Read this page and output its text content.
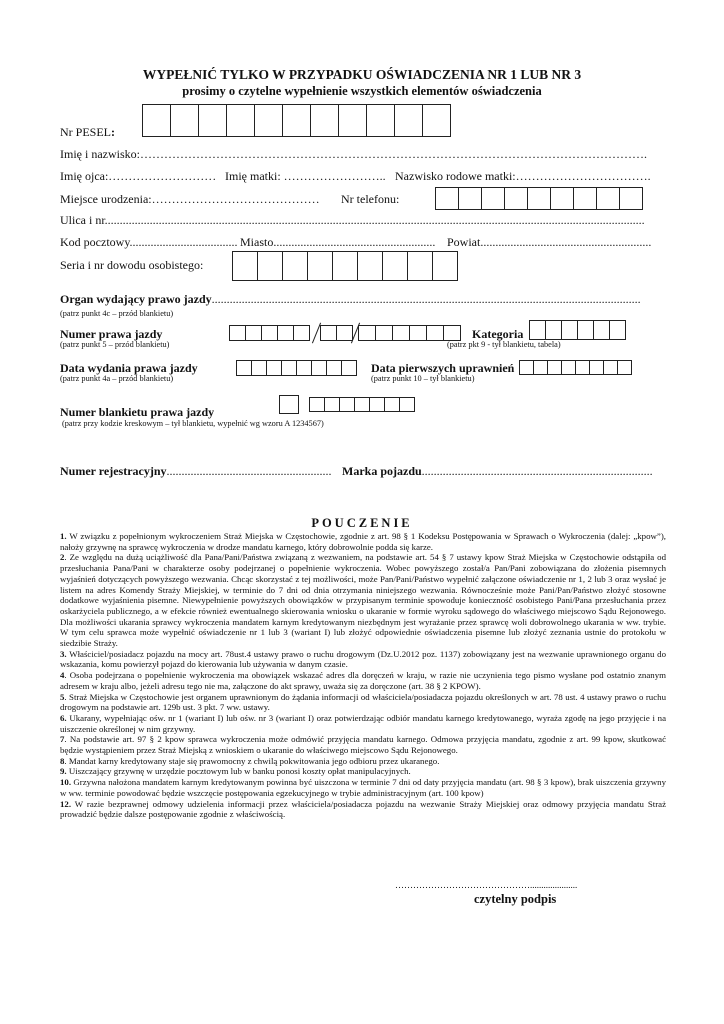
WYPEŁNIĆ TYLKO W PRZYPADKU OŚWIADCZENIA NR 1 LUB NR 3
prosimy o czytelne wypełnienie wszystkich elementów oświadczenia
Nr PESEL:
Imię i nazwisko:……………………………………………………………………………………………………………….
Imię ojca:……………………… Imię matki: …………………….. Nazwisko rodowe matki:…………………………….
Miejsce urodzenia:…………………………………… Nr telefonu:
Ulica i nr....................................................................................................................................................................................
Kod pocztowy.................................... Miasto...................................................... Powiat.........................................................
Seria i nr dowodu osobistego:
Organ wydający prawo jazdy...............................................................................................................................................
(patrz punkt 4c – przód blankietu)
Numer prawa jazdy
(patrz punkt 5 – przód blankietu)
Kategoria
(patrz pkt 9 - tył blankietu, tabela)
Data wydania prawa jazdy
(patrz punkt 4a – przód blankietu)
Data pierwszych uprawnień
(patrz punkt 10 – tył blankietu)
Numer blankietu prawa jazdy
(patrz przy kodzie kreskowym – tył blankietu, wypełnić wg wzoru A 1234567)
Numer rejestracyjny....................................................... Marka pojazdu.............................................................................
POUCZENIE

1. W związku z popełnionym wykroczeniem Straż Miejska w Częstochowie, zgodnie z art. 98 § 1 Kodeksu Postępowania w Sprawach o Wykroczenia (dalej: „kpow”), nałoży grzywnę na sprawcę wykroczenia w drodze mandatu karnego, który dobrowolnie podda się karze.

2. Ze względu na dużą uciążliwość dla Pana/Pani/Państwa związaną z wezwaniem, na podstawie art. 54 § 7 ustawy kpow Straż Miejska w Częstochowie odstąpiła od przesłuchania Pana/Pani w charakterze osoby podejrzanej o popełnienie wykroczenia. Wobec powyższego został/a Pan/Pani zobowiązana do złożenia pisemnych wyjaśnień dotyczących powyższego wezwania. Chcąc skorzystać z tej możliwości, może Pan/Pani/Państwo wypełnić załączone oświadczenie nr 1, 2 lub 3 oraz wysłać je listem na adres Komendy Straży Miejskiej, w terminie do 7 dni od dnia otrzymania niniejszego wezwania. Równocześnie może Pani/Pan/Państwo złożyć stosowne dodatkowe wyjaśnienia pisemne. Niewypełnienie powyższych obowiązków w przypisanym terminie spowoduje konieczność osobistego Pani/Pana przesłuchania przez oskarżyciela publicznego, a w efekcie również ewentualnego skierowania wniosku o ukaranie w formie wyroku sądowego do właściwego miejscowo Sądu Rejonowego. Dla możliwości ukarania sprawcy wykroczenia mandatem karnym kredytowanym niezbędnym jest wyrażanie przez sprawcę woli dobrowolnego ukarania w ww. trybie. W tym celu sprawca może wypełnić oświadczenie nr 1 lub 3 (wariant I) lub złożyć odpowiednie oświadczenia pisemne lub złożyć zeznania ustnie do protokołu w siedzibie Straży.

3. Właściciel/posiadacz pojazdu na mocy art. 78ust.4 ustawy prawo o ruchu drogowym (Dz.U.2012 poz. 1137) zobowiązany jest na wezwanie uprawnionego organu do wskazania, komu powierzył pojazd do kierowania lub używania w danym czasie.

4. Osoba podejrzana o popełnienie wykroczenia ma obowiązek wskazać adres dla doręczeń w kraju, w razie nie uczynienia tego pismo wysłane pod ostatnio znanym adresem w kraju albo, jeżeli adresu tego nie ma, załączone do akt sprawy, uważa się za doręczone (art. 38 § 2 KPOW).

5. Straż Miejska w Częstochowie jest organem uprawnionym do żądania informacji od właściciela/posiadacza pojazdu określonych w art. 78 ust. 4 ustawy prawo o ruchu drogowym na podstawie art. 129b ust. 3 pkt. 7 ww. ustawy.

6. Ukarany, wypełniając ośw. nr 1 (wariant I) lub ośw. nr 3 (wariant I) oraz potwierdzając odbiór mandatu karnego kredytowanego, wyraża zgodę na jego przyjęcie i na uiszczenie określonej w nim grzywny.

7. Na podstawie art. 97 § 2 kpow sprawca wykroczenia może odmówić przyjęcia mandatu karnego. Odmowa przyjęcia mandatu, zgodnie z art. 99 kpow, skutkować będzie wystąpieniem przez Straż Miejską z wnioskiem o ukaranie do właściwego miejscowo Sądu Rejonowego.

8. Mandat karny kredytowany staje się prawomocny z chwilą pokwitowania jego odbioru przez ukaranego.

9. Uiszczający grzywnę w urzędzie pocztowym lub w banku ponosi koszty opłat manipulacyjnych.

10. Grzywna nałożona mandatem karnym kredytowanym powinna być uiszczona w terminie 7 dni od daty przyjęcia mandatu (art. 98 § 3 kpow), brak uiszczenia grzywny w ww. terminie powodować będzie wszczęcie postępowania egzekucyjnego w trybie administracyjnym (art. 100 kpow)

12. W razie bezprawnej odmowy udzielenia informacji przez właściciela/posiadacza pojazdu na wezwanie Straży Miejskiej oraz odmowy przyjęcia mandatu Straż prowadzić będzie dalsze postępowanie zgodnie z właściwością.

……………………………………….....................
czytelny podpis
